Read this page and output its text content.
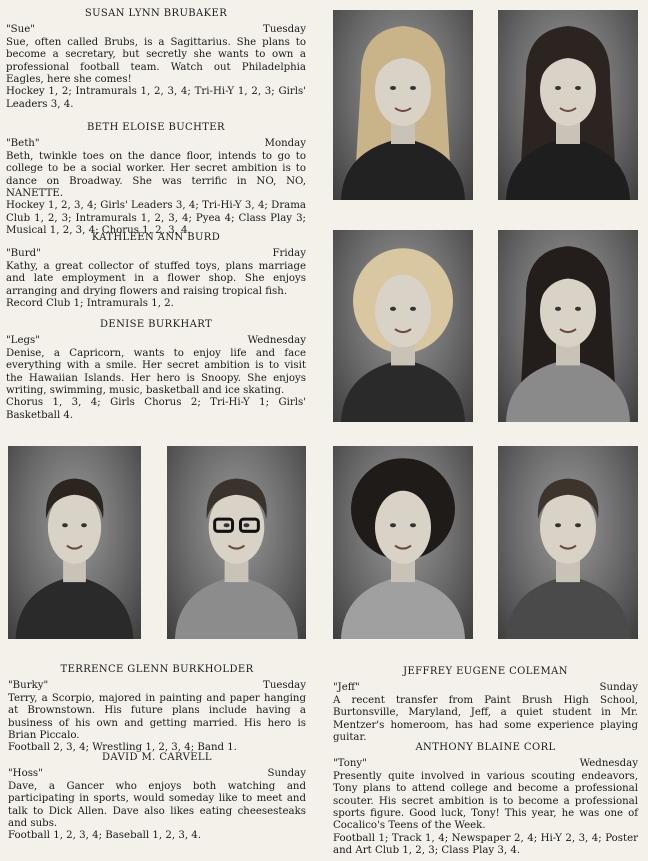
SUSAN LYNN BRUBAKER
"Sue"	Tuesday

Sue, often called Brubs, is a Sagittarius. She plans to become a secretary, but secretly she wants to own a professional football team. Watch out Philadelphia Eagles, here she comes!

Hockey 1, 2; Intramurals 1, 2, 3, 4; Tri-Hi-Y 1, 2, 3; Girls' Leaders 3, 4.

BETH ELOISE BUCHTER
"Beth"	Monday

Beth, twinkle toes on the dance floor, intends to go to college to be a social worker. Her secret ambition is to dance on Broadway. She was terrific in NO, NO, NANETTE.

Hockey 1, 2, 3, 4; Girls' Leaders 3, 4; Tri-Hi-Y 3, 4; Drama Club 1, 2, 3; Intramurals 1, 2, 3, 4; Pyea 4; Class Play 3; Musical 1, 2, 3, 4; Chorus 1, 2, 3, 4.

KATHLEEN ANN BURD
"Burd"	Friday

Kathy, a great collector of stuffed toys, plans marriage and late employment in a flower shop. She enjoys arranging and drying flowers and raising tropical fish.

Record Club 1; Intramurals 1, 2.

DENISE BURKHART
"Legs"	Wednesday

Denise, a Capricorn, wants to enjoy life and face everything with a smile. Her secret ambition is to visit the Hawaiian Islands. Her hero is Snoopy. She enjoys writing, swimming, music, basketball and ice skating.

Chorus 1, 3, 4; Girls Chorus 2; Tri-Hi-Y 1; Girls' Basketball 4.

TERRENCE GLENN BURKHOLDER
"Burky"	Tuesday

Terry, a Scorpio, majored in painting and paper hanging at Brownstown. His future plans include having a business of his own and getting married. His hero is Brian Piccalo.

Football 2, 3, 4; Wrestling 1, 2, 3, 4; Band 1.

DAVID M. CARVELL
"Hoss"	Sunday

Dave, a Gancer who enjoys both watching and participating in sports, would someday like to meet and talk to Dick Allen. Dave also likes eating cheesesteaks and subs.

Football 1, 2, 3, 4; Baseball 1, 2, 3, 4.

JEFFREY EUGENE COLEMAN
"Jeff"	Sunday

A recent transfer from Paint Brush High School, Burtonsville, Maryland, Jeff, a quiet student in Mr. Mentzer's homeroom, has had some experience playing guitar.

ANTHONY BLAINE CORL
"Tony"	Wednesday

Presently quite involved in various scouting endeavors, Tony plans to attend college and become a professional scouter. His secret ambition is to become a professional sports figure. Good luck, Tony! This year, he was one of Cocalico's Teens of the Week.

Football 1; Track 1, 4; Newspaper 2, 4; Hi-Y 2, 3, 4; Poster and Art Club 1, 2, 3; Class Play 3, 4.
